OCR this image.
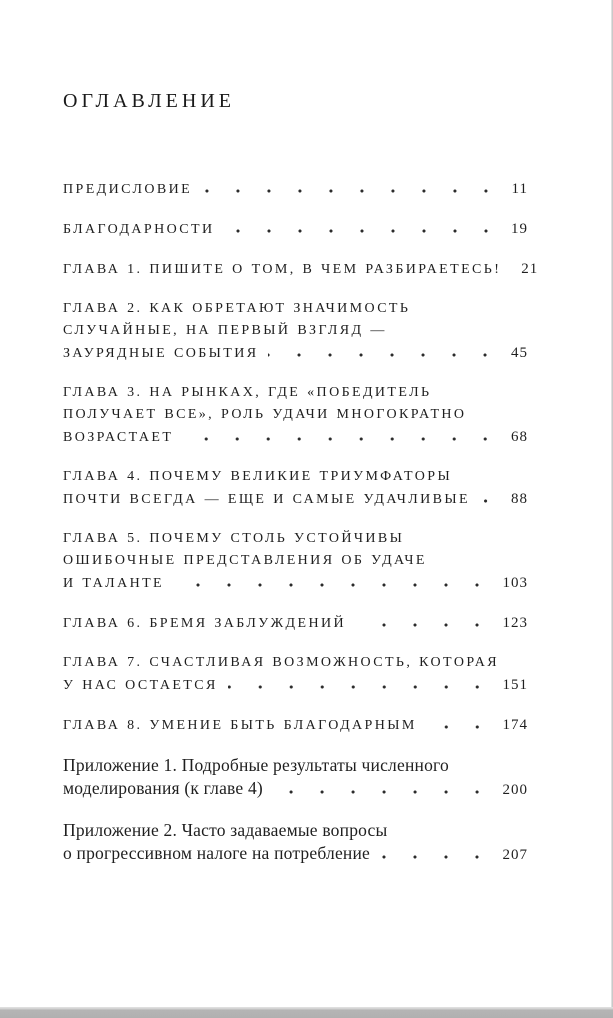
ОГЛАВЛЕНИЕ
ПРЕДИСЛОВИЕ	11
БЛАГОДАРНОСТИ	19
ГЛАВА 1. ПИШИТЕ О ТОМ, В ЧЕМ РАЗБИРАЕТЕСЬ! 21
ГЛАВА 2. КАК ОБРЕТАЮТ ЗНАЧИМОСТЬ
СЛУЧАЙНЫЕ, НА ПЕРВЫЙ ВЗГЛЯД —
ЗАУРЯДНЫЕ СОБЫТИЯ	45
ГЛАВА 3. НА РЫНКАХ, ГДЕ «ПОБЕДИТЕЛЬ
ПОЛУЧАЕТ ВСЕ», РОЛЬ УДАЧИ МНОГОКРАТНО
ВОЗРАСТАЕТ	68
ГЛАВА 4. ПОЧЕМУ ВЕЛИКИЕ ТРИУМФАТОРЫ
ПОЧТИ ВСЕГДА — ЕЩЕ И САМЫЕ УДАЧЛИВЫЕ	88
ГЛАВА 5. ПОЧЕМУ СТОЛЬ УСТОЙЧИВЫ
ОШИБОЧНЫЕ ПРЕДСТАВЛЕНИЯ ОБ УДАЧЕ
И ТАЛАНТЕ	103
ГЛАВА 6. БРЕМЯ ЗАБЛУЖДЕНИЙ	123
ГЛАВА 7. СЧАСТЛИВАЯ ВОЗМОЖНОСТЬ, КОТОРАЯ
У НАС ОСТАЕТСЯ	151
ГЛАВА 8. УМЕНИЕ БЫТЬ БЛАГОДАРНЫМ	174
Приложение 1. Подробные результаты численного
моделирования (к главе 4)	200
Приложение 2. Часто задаваемые вопросы
о прогрессивном налоге на потребление	207
